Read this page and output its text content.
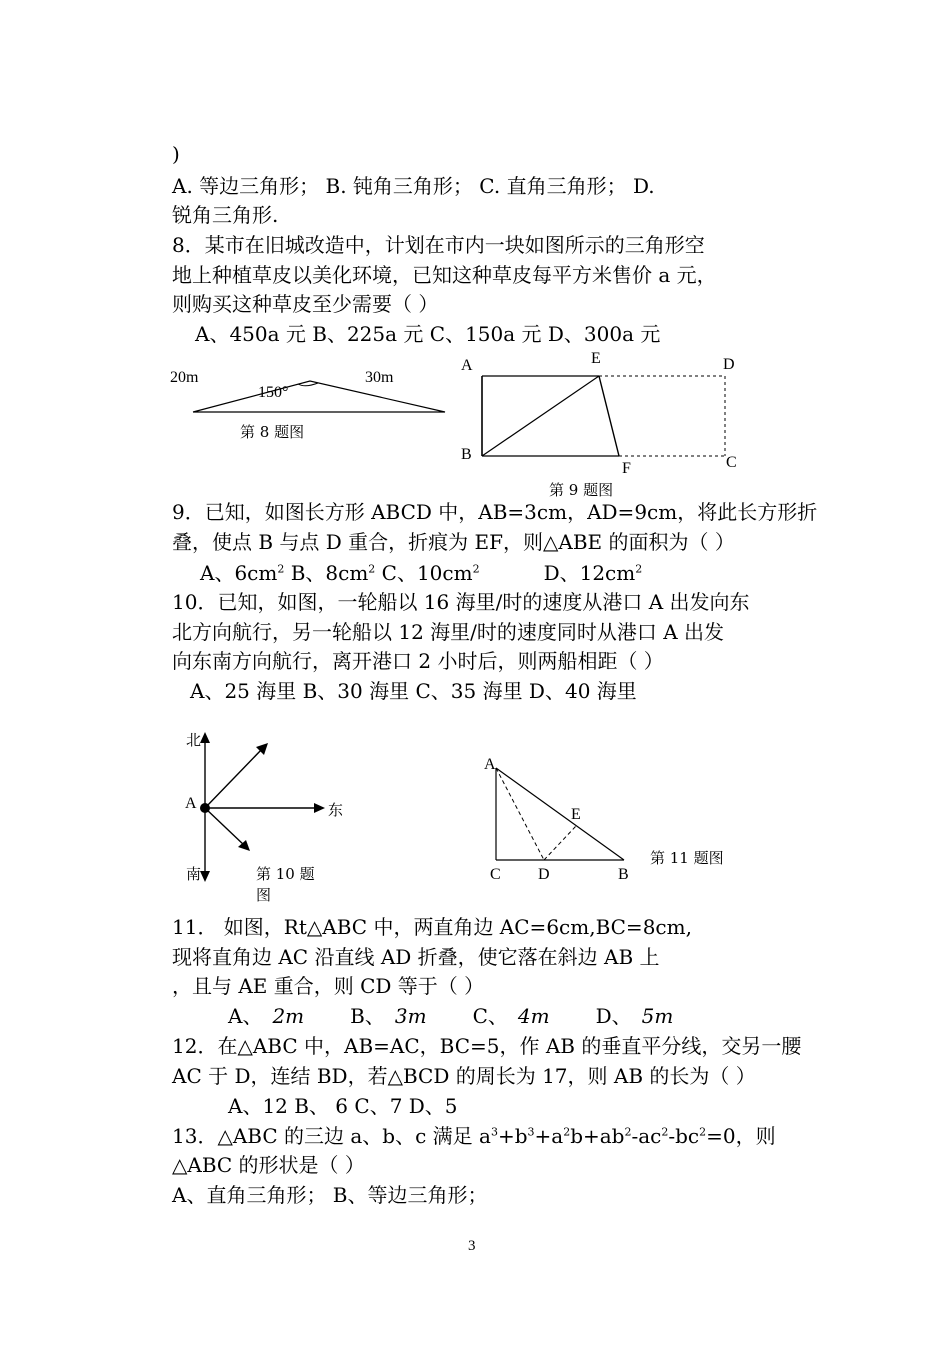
)
A. 等边三角形； B. 钝角三角形； C. 直角三角形； D.
锐角三角形.
8．某市在旧城改造中，计划在市内一块如图所示的三角形空
地上种植草皮以美化环境，已知这种草皮每平方米售价 a 元，
则购买这种草皮至少需要（ ）
A、450a 元 B、225a 元 C、150a 元 D、300a 元
20m	30m
150°
第 8 题图
A	E	D
B
F	C
第 9 题图
9．已知，如图长方形 ABCD 中，AB=3cm，AD=9cm，将此长方形折
叠，使点 B 与点 D 重合，折痕为 EF，则△ABE 的面积为（ ）
A、$6cm^2$ B、$8cm^2$ C、$10cm^2$	D、$12cm^2$
10．已知，如图，一轮船以 16 海里/时的速度从港口 A 出发向东
北方向航行，另一轮船以 12 海里/时的速度同时从港口 A 出发
向东南方向航行，离开港口 2 小时后，则两船相距（ ）
A、25 海里 B、30 海里 C、35 海里 D、40 海里
北
A	东
南	第 10 题
图
A
E
C D	B
第 11 题图
11． 如图，Rt△ABC 中，两直角边 AC=6cm,BC=8cm,
现将直角边 AC 沿直线 AD 折叠，使它落在斜边 AB 上
，且与 AE 重合，则 CD 等于（ ）
A、 2m B、 3m C、 4m D、 5m
12．在△ABC 中，AB=AC，BC=5，作 AB 的垂直平分线，交另一腰
AC 于 D，连结 BD，若△BCD 的周长为 17，则 AB 的长为（ ）
A、12 B、 6 C、7 D、5
13．△ABC 的三边 a、b、c 满足 $a^3+b^3+a^2b+ab^2-ac^2-bc^2=0$，则
△ABC 的形状是（ ）
A、直角三角形； B、等边三角形；
3
